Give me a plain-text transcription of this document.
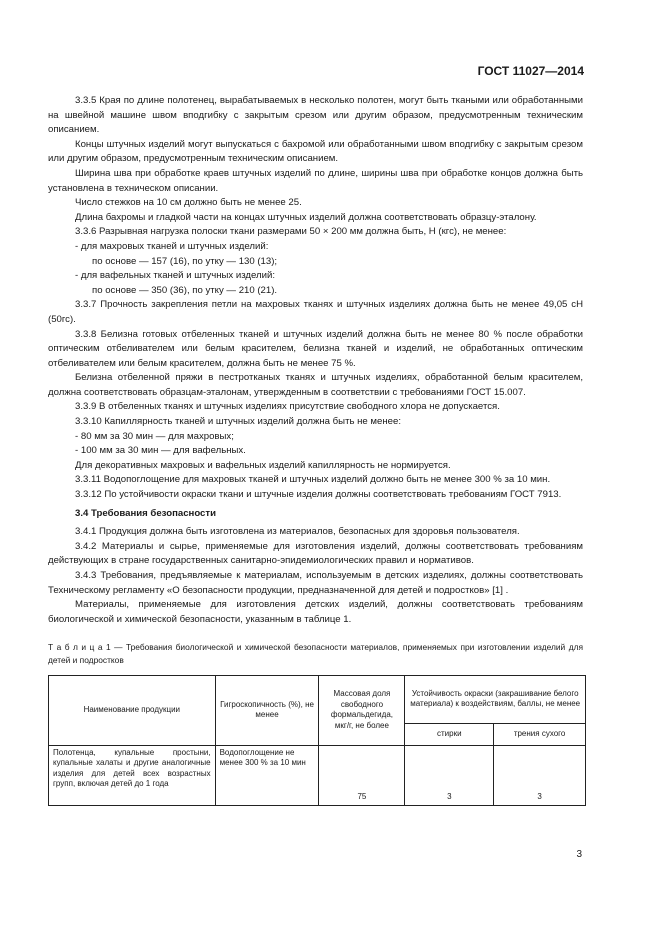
ГОСТ 11027—2014

3.3.5 Края по длине полотенец, вырабатываемых в несколько полотен, могут быть ткаными или обработанными на швейной машине швом вподгибку с закрытым срезом или другим образом, предусмотренным техническим описанием.

Концы штучных изделий могут выпускаться с бахромой или обработанными швом вподгибку с закрытым срезом или другим образом, предусмотренным техническим описанием.

Ширина шва при обработке краев штучных изделий по длине, ширины шва при обработке концов должна быть установлена в техническом описании.

Число стежков на 10 см должно быть не менее 25.

Длина бахромы и гладкой части на концах штучных изделий должна соответствовать образцу-эталону.

3.3.6 Разрывная нагрузка полоски ткани размерами 50 × 200 мм должна быть, Н (кгс), не менее:

- для махровых тканей и штучных изделий:

по основе — 157 (16), по утку — 130 (13);

- для вафельных тканей и штучных изделий:

по основе — 350 (36), по утку — 210 (21).

3.3.7 Прочность закрепления петли на махровых тканях и штучных изделиях должна быть не менее 49,05 сН (50гс).

3.3.8 Белизна готовых отбеленных тканей и штучных изделий должна быть не менее 80 % после обработки оптическим отбеливателем или белым красителем, белизна тканей и изделий, не обработанных оптическим отбеливателем или белым красителем, должна быть не менее 75 %.

Белизна отбеленной пряжи в пестротканых тканях и штучных изделиях, обработанной белым красителем, должна соответствовать образцам-эталонам, утвержденным в соответствии с требованиями ГОСТ 15.007.

3.3.9 В отбеленных тканях и штучных изделиях присутствие свободного хлора не допускается.

3.3.10 Капиллярность тканей и штучных изделий должна быть не менее:

- 80 мм за 30 мин — для махровых;

- 100 мм за 30 мин — для вафельных.

Для декоративных махровых и вафельных изделий капиллярность не нормируется.

3.3.11 Водопоглощение для махровых тканей и штучных изделий должно быть не менее 300 % за 10 мин.

3.3.12 По устойчивости окраски ткани и штучные изделия должны соответствовать требованиям ГОСТ 7913.

3.4 Требования безопасности

3.4.1 Продукция должна быть изготовлена из материалов, безопасных для здоровья пользователя.

3.4.2 Материалы и сырье, применяемые для изготовления изделий, должны соответствовать требованиям действующих в стране государственных санитарно-эпидемиологических правил и нормативов.

3.4.3 Требования, предъявляемые к материалам, используемым в детских изделиях, должны соответствовать Техническому регламенту «О безопасности продукции, предназначенной для детей и подростков» [1] .

Материалы, применяемые для изготовления детских изделий, должны соответствовать требованиям биологической и химической безопасности, указанным в таблице 1.

Т а б л и ц а 1 — Требования биологической и химической безопасности материалов, применяемых при изготовлении изделий для детей и подростков

Наименование продукции	Гигроскопичность (%), не менее	Массовая доля свободного формальдегида, мкг/г, не более	Устойчивость окраски (закрашивание белого материала) к воздействиям, баллы, не менее	
			стирки	трения сухого
Полотенца, купальные простыни, купальные халаты и другие аналогичные изделия для детей всех возрастных групп, включая детей до 1 года	Водопоглощение не менее 300 % за 10 мин	75	3	3
3
